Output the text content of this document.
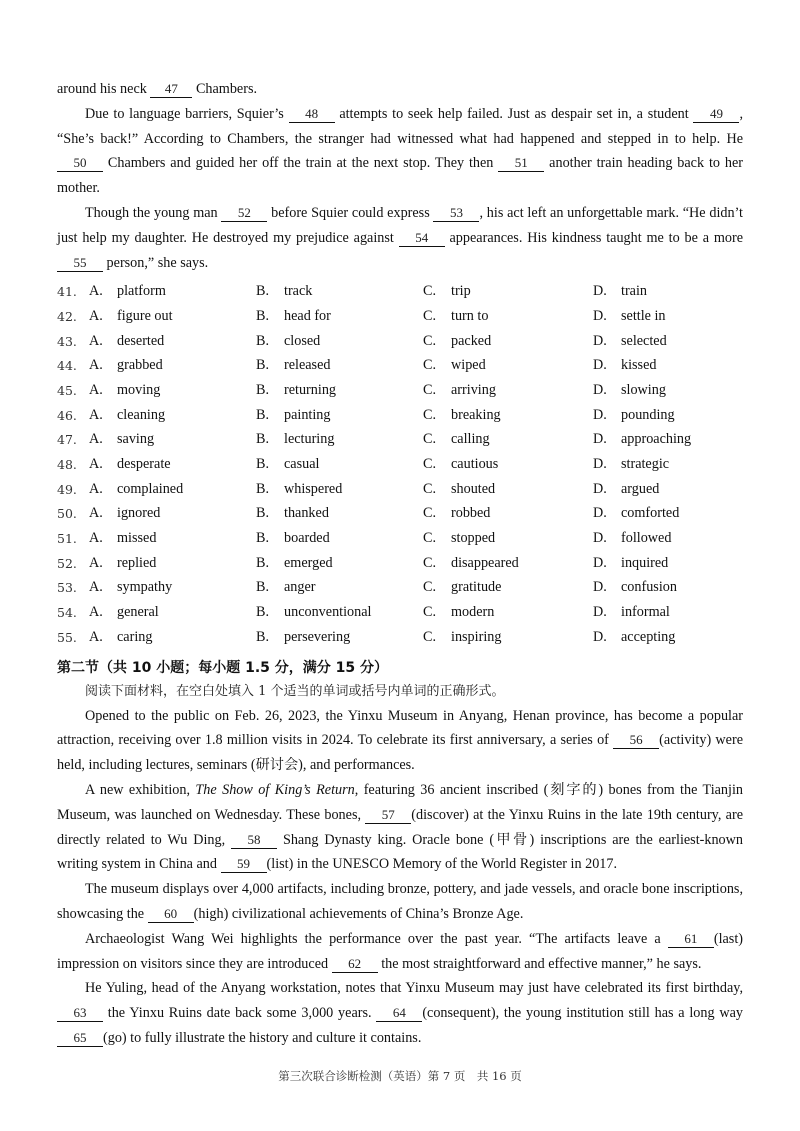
around his neck 47 Chambers.

Due to language barriers, Squier’s 48 attempts to seek help failed. Just as despair set in, a student 49 , “She’s back!” According to Chambers, the stranger had witnessed what had happened and stepped in to help. He 50 Chambers and guided her off the train at the next stop. They then 51 another train heading back to her mother.

Though the young man 52 before Squier could express 53 , his act left an unforgettable mark. “He didn’t just help my daughter. He destroyed my prejudice against 54 appearances. His kindness taught me to be a more 55 person,” she says.

41. A.	platform	B.	track	C.	trip	D.	train
42. A.	figure out	B.	head for	C.	turn to	D.	settle in
43. A.	deserted	B.	closed	C.	packed	D.	selected
44. A.	grabbed	B.	released	C.	wiped	D.	kissed
45. A.	moving	B.	returning	C.	arriving	D.	slowing
46. A.	cleaning	B.	painting	C.	breaking	D.	pounding
47. A.	saving	B.	lecturing	C.	calling	D.	approaching
48. A.	desperate	B.	casual	C.	cautious	D.	strategic
49. A.	complained	B.	whispered	C.	shouted	D.	argued
50. A.	ignored	B.	thanked	C.	robbed	D.	comforted
51. A.	missed	B.	boarded	C.	stopped	D.	followed
52. A.	replied	B.	emerged	C.	disappeared	D.	inquired
53. A.	sympathy	B.	anger	C.	gratitude	D.	confusion
54. A.	general	B.	unconventional	C.	modern	D.	informal
55. A.	caring	B.	persevering	C.	inspiring	D.	accepting
第二节（共 10 小题；每小题 1.5 分，满分 15 分）
阅读下面材料，在空白处填入 1 个适当的单词或括号内单词的正确形式。

Opened to the public on Feb. 26, 2023, the Yinxu Museum in Anyang, Henan province, has become a popular attraction, receiving over 1.8 million visits in 2024. To celebrate its first anniversary, a series of 56 (activity) were held, including lectures, seminars (研讨会), and performances.

A new exhibition, The Show of King’s Return, featuring 36 ancient inscribed (刻字的) bones from the Tianjin Museum, was launched on Wednesday. These bones, 57 (discover) at the Yinxu Ruins in the late 19th century, are directly related to Wu Ding, 58 Shang Dynasty king. Oracle bone (甲骨) inscriptions are the earliest-known writing system in China and 59 (list) in the UNESCO Memory of the World Register in 2017.

The museum displays over 4,000 artifacts, including bronze, pottery, and jade vessels, and oracle bone inscriptions, showcasing the 60 (high) civilizational achievements of China’s Bronze Age.

Archaeologist Wang Wei highlights the performance over the past year. “The artifacts leave a 61 (last) impression on visitors since they are introduced 62 the most straightforward and effective manner,” he says.

He Yuling, head of the Anyang workstation, notes that Yinxu Museum may just have celebrated its first birthday, 63 the Yinxu Ruins date back some 3,000 years. 64 (consequent), the young institution still has a long way 65 (go) to fully illustrate the history and culture it contains.

第三次联合诊断检测（英语）第 7 页　共 16 页
